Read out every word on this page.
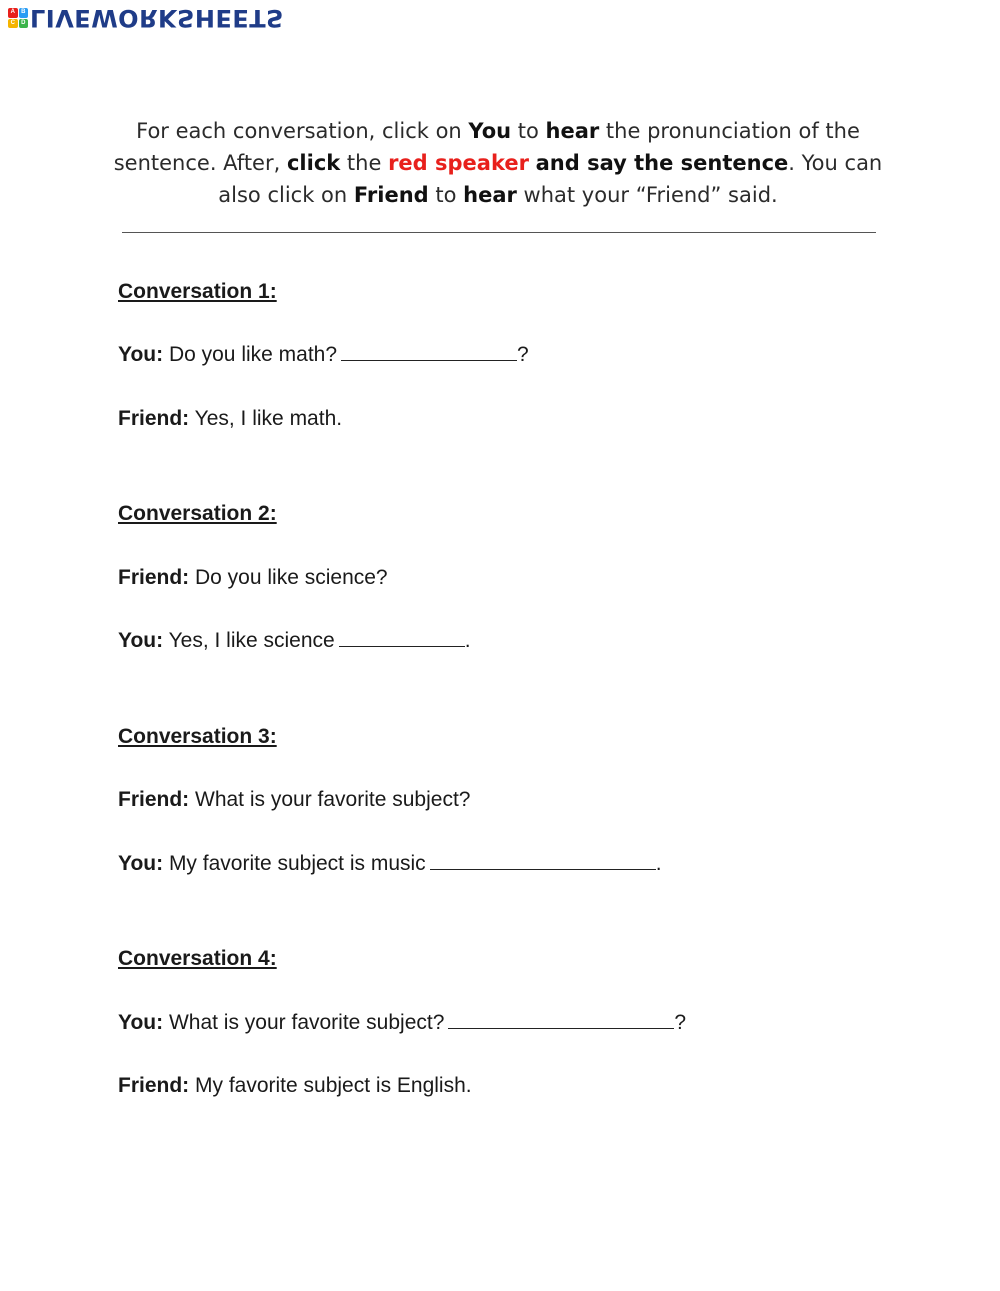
A	B
C	D LIVEWORKSHEETS
For each conversation, click on You to hear the pronunciation of the sentence. After, click the red speaker and say the sentence. You can also click on Friend to hear what your “Friend” said.
Conversation 1:
You: Do you like math?	?
Friend: Yes, I like math.
Conversation 2:
Friend: Do you like science?
You: Yes, I like science	.
Conversation 3:
Friend: What is your favorite subject?
You: My favorite subject is music	.
Conversation 4:
You: What is your favorite subject?	?
Friend: My favorite subject is English.
